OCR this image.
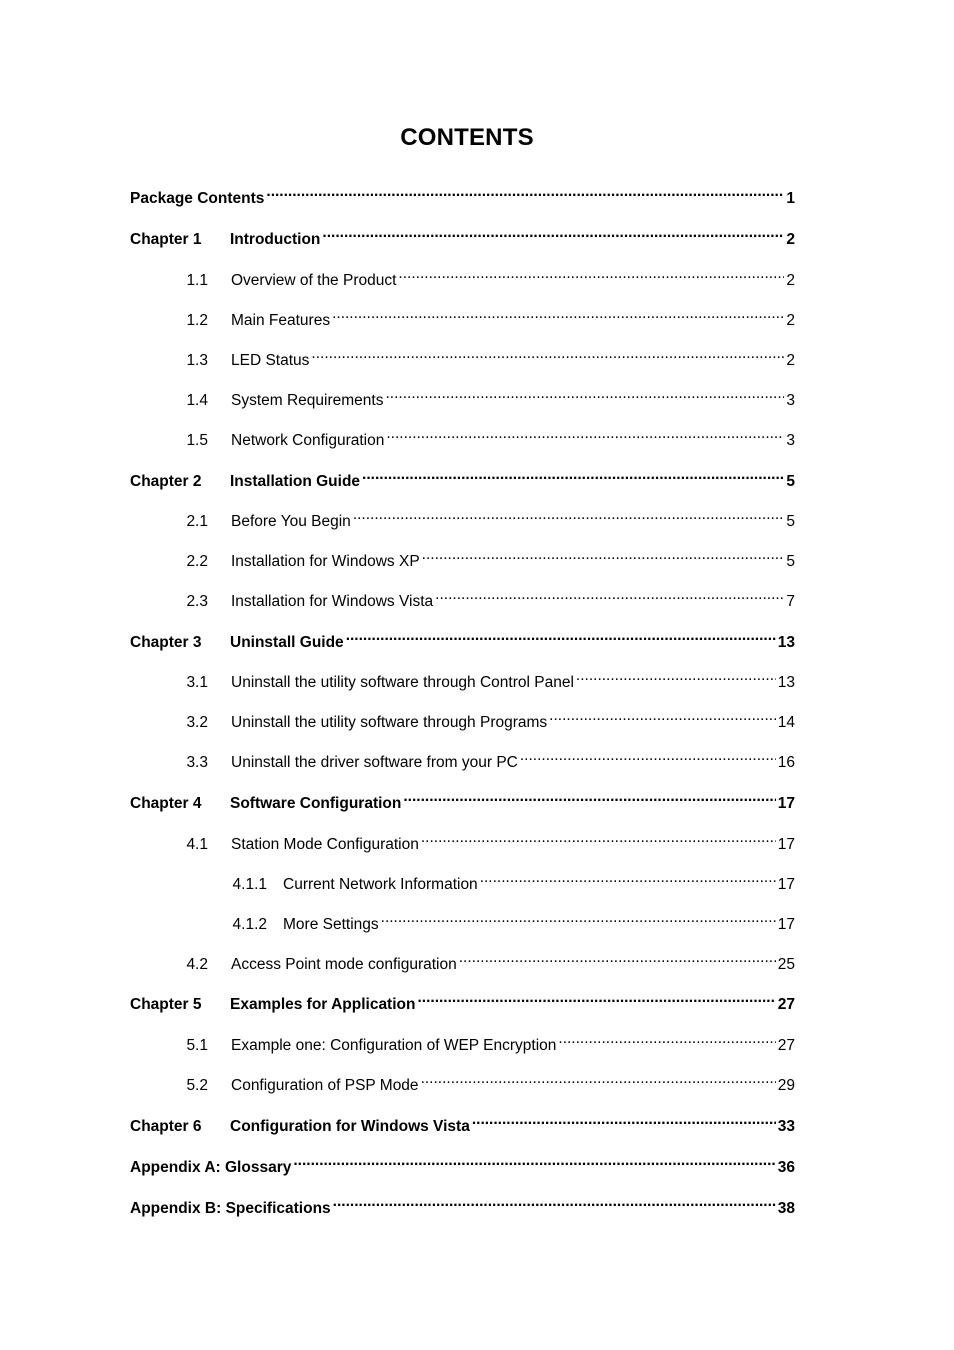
CONTENTS
Package Contents .....	1
Chapter 1	Introduction .....	2
1.1	Overview of the Product .....	2
1.2	Main Features .....	2
1.3	LED Status .....	2
1.4	System Requirements .....	3
1.5	Network Configuration .....	3
Chapter 2	Installation Guide .....	5
2.1	Before You Begin .....	5
2.2	Installation for Windows XP .....	5
2.3	Installation for Windows Vista .....	7
Chapter 3	Uninstall Guide .....	13
3.1	Uninstall the utility software through Control Panel .....	13
3.2	Uninstall the utility software through Programs .....	14
3.3	Uninstall the driver software from your PC .....	16
Chapter 4	Software Configuration .....	17
4.1	Station Mode Configuration .....	17
4.1.1	Current Network Information .....	17
4.1.2	More Settings .....	17
4.2	Access Point mode configuration .....	25
Chapter 5	Examples for Application .....	27
5.1	Example one: Configuration of WEP Encryption .....	27
5.2	Configuration of PSP Mode .....	29
Chapter 6	Configuration for Windows Vista .....	33
Appendix A: Glossary .....	36
Appendix B: Specifications .....	38
